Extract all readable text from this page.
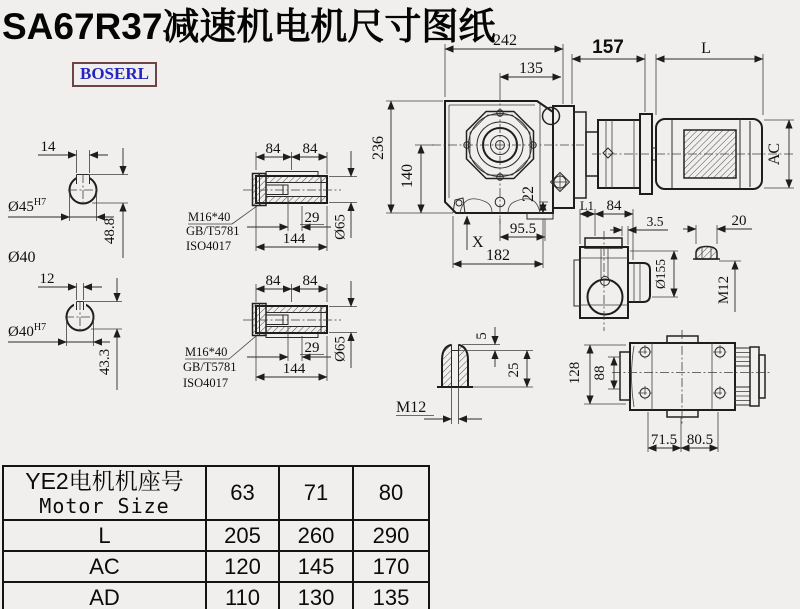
SA67R37减速机电机尺寸图纸
BOSERL
14
$Ø45^{H7}$
48.8
Ø40
12
$Ø40^{H7}$
43.3
84 84
M16*40
GB/T5781
ISO4017
29
144 Ø65
84 84
M16*40
GB/T5781
ISO4017
29
144
Ø65
X
242
135
236
140
22
95.5
182
157	L
AC
L1 84
3.5	20
Ø155
M12
M12
5
25	128 88
71.5 80.5
YE2电机机座号
Motor Size	63	71	80
L	205	260	290
AC	120	145	170
AD	110	130	135
